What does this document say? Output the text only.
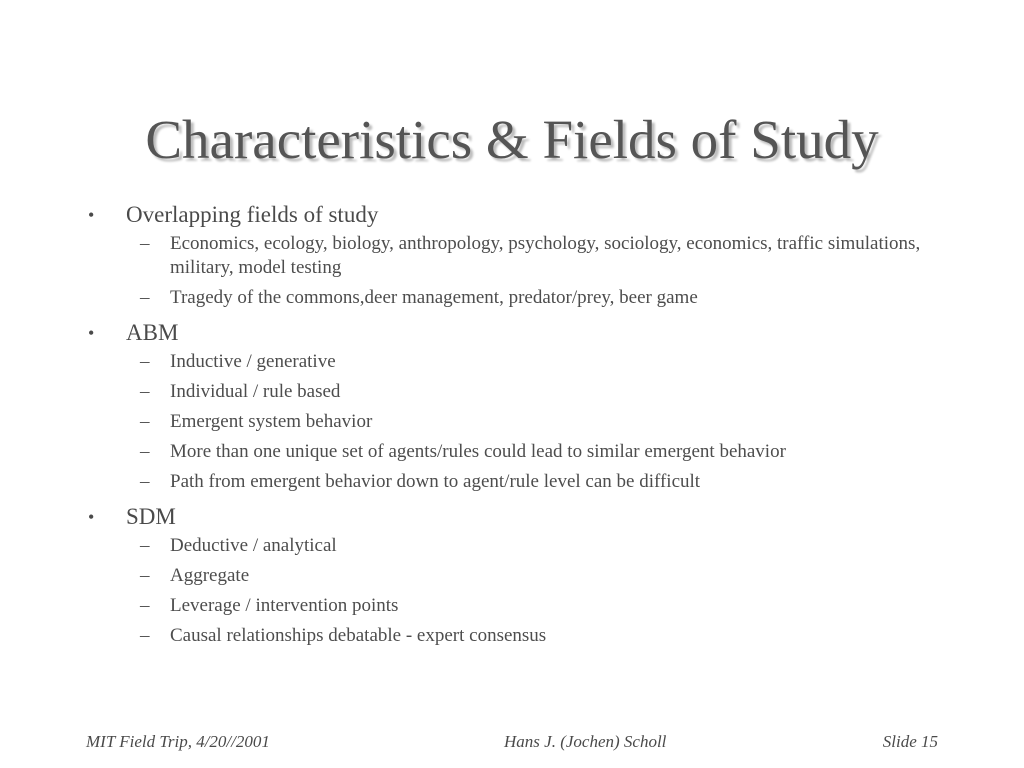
Characteristics & Fields of Study
• Overlapping fields of study
– Economics, ecology, biology, anthropology, psychology, sociology, economics, traffic simulations, military, model testing
– Tragedy of the commons,deer management, predator/prey, beer game
• ABM
– Inductive / generative
– Individual / rule based
– Emergent system behavior
– More than one unique set of agents/rules could lead to similar emergent behavior
– Path from emergent behavior down to agent/rule level can be difficult
• SDM
– Deductive / analytical
– Aggregate
– Leverage / intervention points
– Causal relationships debatable - expert consensus
MIT Field Trip, 4/20//2001	Hans J. (Jochen) Scholl	Slide 15
